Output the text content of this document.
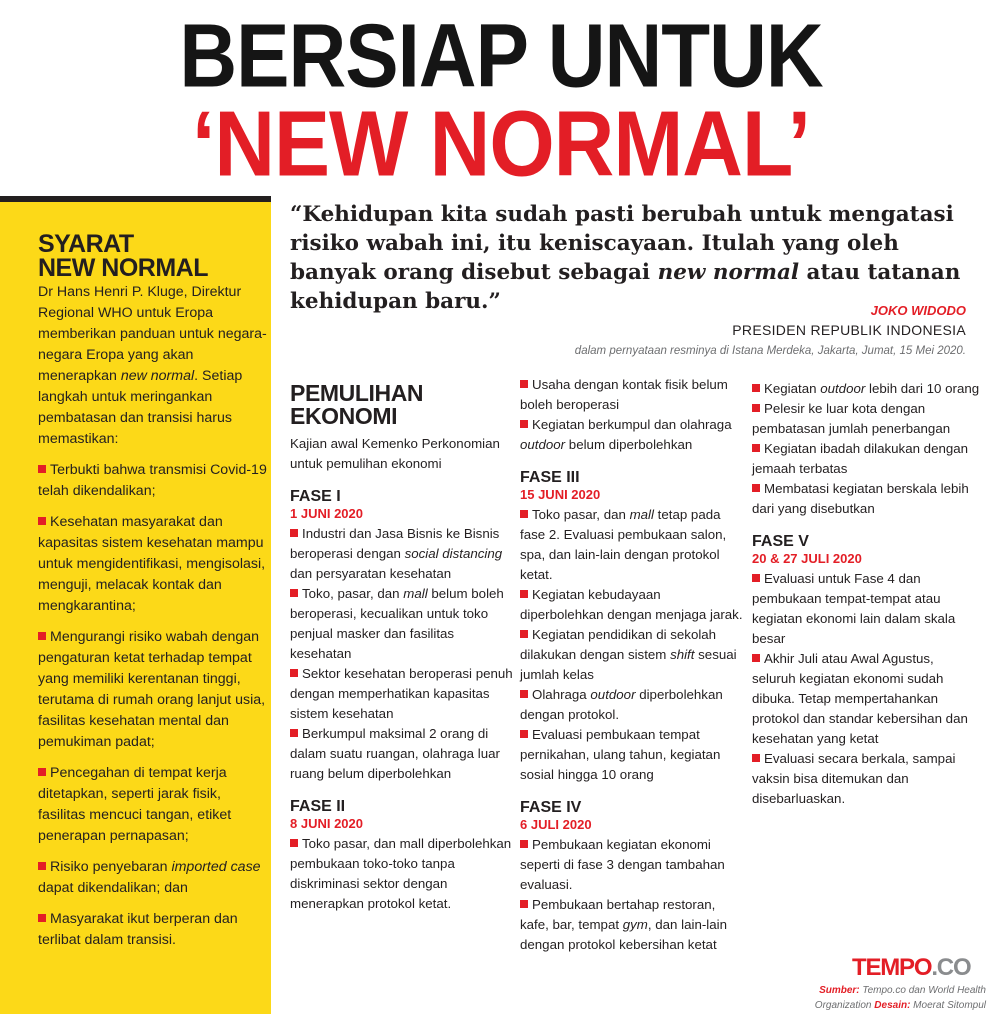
BERSIAP UNTUK
‘NEW NORMAL’
SYARAT
NEW NORMAL

Dr Hans Henri P. Kluge, Direktur Regional WHO untuk Eropa memberikan panduan untuk negara-negara Eropa yang akan menerapkan new normal. Setiap langkah untuk meringankan pembatasan dan transisi harus memastikan:

Terbukti bahwa transmisi Covid-19 telah dikendalikan;

Kesehatan masyarakat dan kapasitas sistem kesehatan mampu untuk mengidentifikasi, mengisolasi, menguji, melacak kontak dan mengkarantina;

Mengurangi risiko wabah dengan pengaturan ketat terhadap tempat yang memiliki kerentanan tinggi, terutama di rumah orang lanjut usia, fasilitas kesehatan mental dan pemukiman padat;

Pencegahan di tempat kerja ditetapkan, seperti jarak fisik, fasilitas mencuci tangan, etiket penerapan pernapasan;

Risiko penyebaran imported case dapat dikendalikan; dan

Masyarakat ikut berperan dan terlibat dalam transisi.

“Kehidupan kita sudah pasti berubah untuk mengatasi risiko wabah ini, itu keniscayaan. Itulah yang oleh banyak orang disebut sebagai new normal atau tatanan kehidupan baru.”	JOKO WIDODO
PRESIDEN REPUBLIK INDONESIA
dalam pernyataan resminya di Istana Merdeka, Jakarta, Jumat, 15 Mei 2020.
PEMULIHAN
EKONOMI

Kajian awal Kemenko Perkonomian untuk pemulihan ekonomi

FASE I
1 JUNI 2020

Industri dan Jasa Bisnis ke Bisnis beroperasi dengan social distancing dan persyaratan kesehatan

Toko, pasar, dan mall belum boleh beroperasi, kecualikan untuk toko penjual masker dan fasilitas kesehatan

Sektor kesehatan beroperasi penuh dengan memperhatikan kapasitas sistem kesehatan

Berkumpul maksimal 2 orang di dalam suatu ruangan, olahraga luar ruang belum diperbolehkan

FASE II
8 JUNI 2020

Toko pasar, dan mall diperbolehkan pembukaan toko-toko tanpa diskriminasi sektor dengan menerapkan protokol ketat.

Usaha dengan kontak fisik belum boleh beroperasi

Kegiatan berkumpul dan olahraga outdoor belum diperbolehkan

FASE III
15 JUNI 2020

Toko pasar, dan mall tetap pada fase 2. Evaluasi pembukaan salon, spa, dan lain-lain dengan protokol ketat.

Kegiatan kebudayaan diperbolehkan dengan menjaga jarak.

Kegiatan pendidikan di sekolah dilakukan dengan sistem shift sesuai jumlah kelas

Olahraga outdoor diperbolehkan dengan protokol.

Evaluasi pembukaan tempat pernikahan, ulang tahun, kegiatan sosial hingga 10 orang

FASE IV
6 JULI 2020

Pembukaan kegiatan ekonomi seperti di fase 3 dengan tambahan evaluasi.

Pembukaan bertahap restoran, kafe, bar, tempat gym, dan lain-lain dengan protokol kebersihan ketat

Kegiatan outdoor lebih dari 10 orang

Pelesir ke luar kota dengan pembatasan jumlah penerbangan

Kegiatan ibadah dilakukan dengan jemaah terbatas

Membatasi kegiatan berskala lebih dari yang disebutkan

FASE V
20 & 27 JULI 2020

Evaluasi untuk Fase 4 dan pembukaan tempat-tempat atau kegiatan ekonomi lain dalam skala besar

Akhir Juli atau Awal Agustus, seluruh kegiatan ekonomi sudah dibuka. Tetap mempertahankan protokol dan standar kebersihan dan kesehatan yang ketat

Evaluasi secara berkala, sampai vaksin bisa ditemukan dan disebarluaskan.

TEMPO.CO
Sumber: Tempo.co dan World Health
Organization Desain: Moerat Sitompul
